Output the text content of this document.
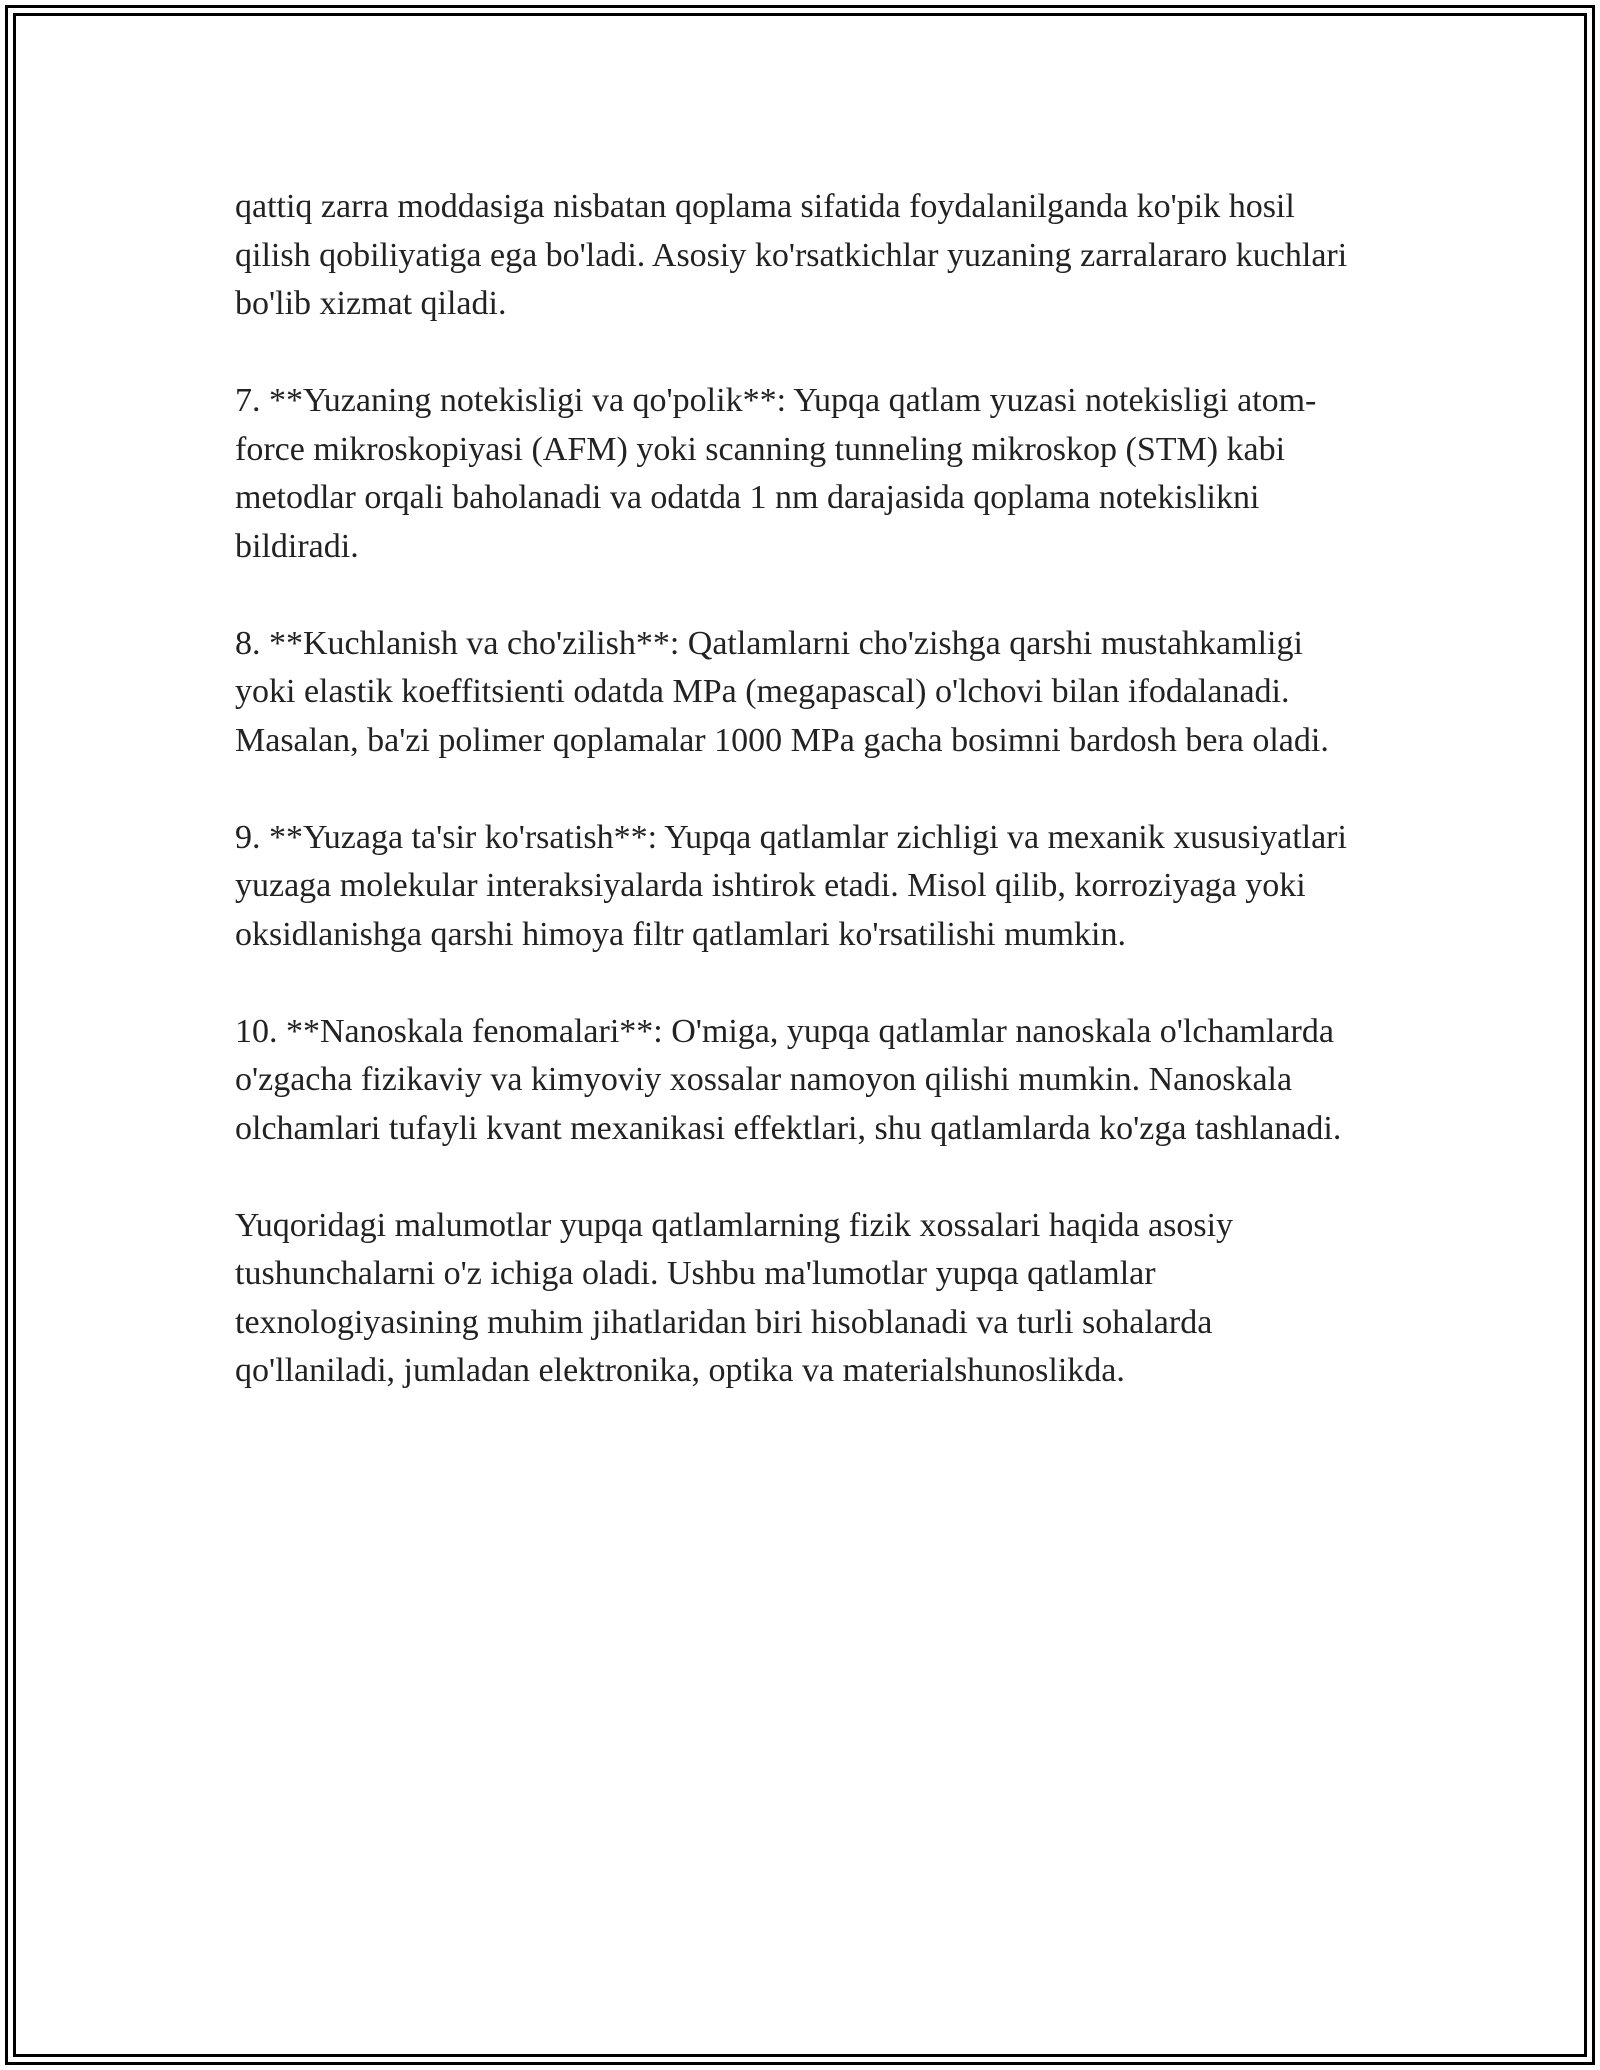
qattiq zarra moddasiga nisbatan qoplama sifatida foydalanilganda ko'pik hosil qilish qobiliyatiga ega bo'ladi. Asosiy ko'rsatkichlar yuzaning zarralararo kuchlari bo'lib xizmat qiladi.

7. **Yuzaning notekisligi va qo'polik**: Yupqa qatlam yuzasi notekisligi atom-force mikroskopiyasi (AFM) yoki scanning tunneling mikroskop (STM) kabi metodlar orqali baholanadi va odatda 1 nm darajasida qoplama notekislikni bildiradi.

8. **Kuchlanish va cho'zilish**: Qatlamlarni cho'zishga qarshi mustahkamligi yoki elastik koeffitsienti odatda MPa (megapascal) o'lchovi bilan ifodalanadi. Masalan, ba'zi polimer qoplamalar 1000 MPa gacha bosimni bardosh bera oladi.

9. **Yuzaga ta'sir ko'rsatish**: Yupqa qatlamlar zichligi va mexanik xususiyatlari yuzaga molekular interaksiyalarda ishtirok etadi. Misol qilib, korroziyaga yoki oksidlanishga qarshi himoya filtr qatlamlari ko'rsatilishi mumkin.

10. **Nanoskala fenomalari**: O'miga, yupqa qatlamlar nanoskala o'lchamlarda o'zgacha fizikaviy va kimyoviy xossalar namoyon qilishi mumkin. Nanoskala olchamlari tufayli kvant mexanikasi effektlari, shu qatlamlarda ko'zga tashlanadi.

Yuqoridagi malumotlar yupqa qatlamlarning fizik xossalari haqida asosiy tushunchalarni o'z ichiga oladi. Ushbu ma'lumotlar yupqa qatlamlar texnologiyasining muhim jihatlaridan biri hisoblanadi va turli sohalarda qo'llaniladi, jumladan elektronika, optika va materialshunoslikda.
